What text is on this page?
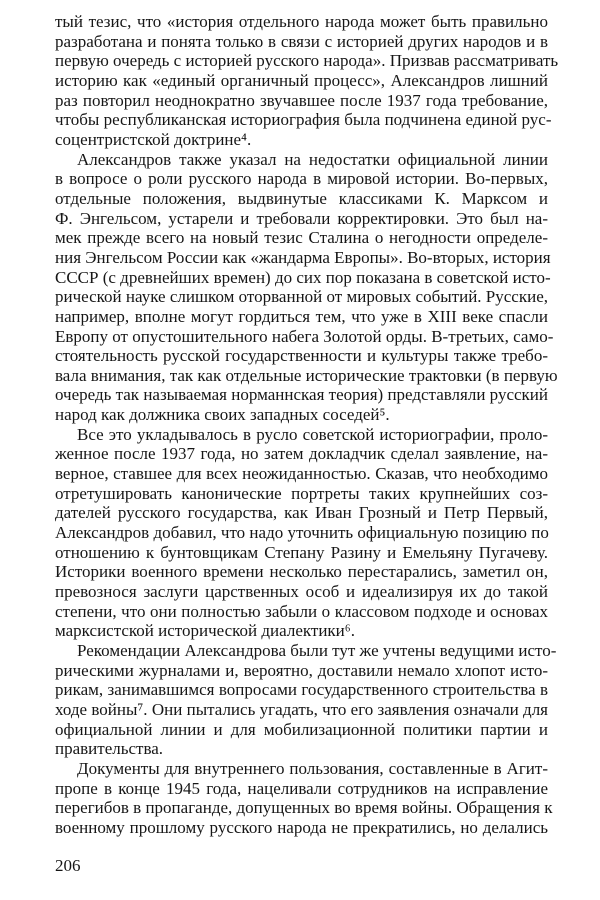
тый тезис, что «история отдельного народа может быть правильно
разработана и понята только в связи с историей других народов и в
первую очередь с историей русского народа». Призвав рассматривать
историю как «единый органичный процесс», Александров лишний
раз повторил неоднократно звучавшее после 1937 года требование,
чтобы республиканская историография была подчинена единой рус-
соцентристской доктрине⁴.
Александров также указал на недостатки официальной линии
в вопросе о роли русского народа в мировой истории. Во-первых,
отдельные положения, выдвинутые классиками К. Марксом и
Ф. Энгельсом, устарели и требовали корректировки. Это был на-
мек прежде всего на новый тезис Сталина о негодности определе-
ния Энгельсом России как «жандарма Европы». Во-вторых, история
СССР (с древнейших времен) до сих пор показана в советской исто-
рической науке слишком оторванной от мировых событий. Русские,
например, вполне могут гордиться тем, что уже в XIII веке спасли
Европу от опустошительного набега Золотой орды. В-третьих, само-
стоятельность русской государственности и культуры также требо-
вала внимания, так как отдельные исторические трактовки (в первую
очередь так называемая норманнская теория) представляли русский
народ как должника своих западных соседей⁵.
Все это укладывалось в русло советской историографии, проло-
женное после 1937 года, но затем докладчик сделал заявление, на-
верное, ставшее для всех неожиданностью. Сказав, что необходимо
отретушировать канонические портреты таких крупнейших соз-
дателей русского государства, как Иван Грозный и Петр Первый,
Александров добавил, что надо уточнить официальную позицию по
отношению к бунтовщикам Степану Разину и Емельяну Пугачеву.
Историки военного времени несколько перестарались, заметил он,
превознося заслуги царственных особ и идеализируя их до такой
степени, что они полностью забыли о классовом подходе и основах
марксистской исторической диалектики⁶.
Рекомендации Александрова были тут же учтены ведущими исто-
рическими журналами и, вероятно, доставили немало хлопот исто-
рикам, занимавшимся вопросами государственного строительства в
ходе войны⁷. Они пытались угадать, что его заявления означали для
официальной линии и для мобилизационной политики партии и
правительства.
Документы для внутреннего пользования, составленные в Агит-
пропе в конце 1945 года, нацеливали сотрудников на исправление
перегибов в пропаганде, допущенных во время войны. Обращения к
военному прошлому русского народа не прекратились, но делались
206
